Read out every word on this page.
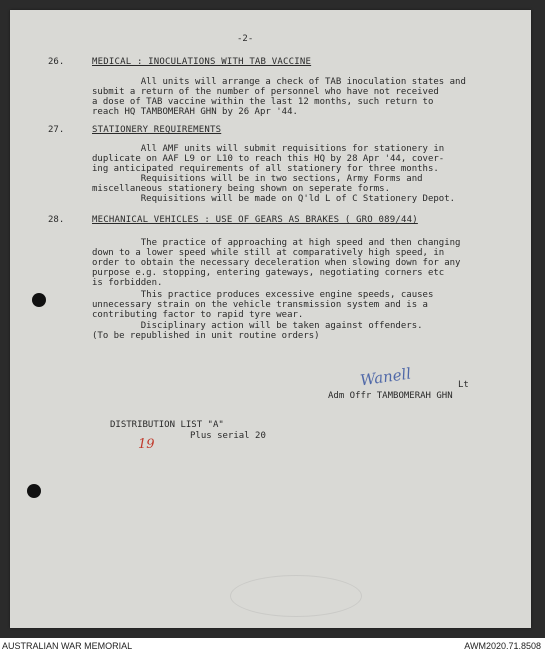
-2-
26.	MEDICAL : INOCULATIONS WITH TAB VACCINE
All units will arrange a check of TAB inoculation states and
submit a return of the number of personnel who have not received
a dose of TAB vaccine within the last 12 months, such return to
reach HQ TAMBOMERAH GHN by 26 Apr '44.
27.	STATIONERY REQUIREMENTS
All AMF units will submit requisitions for stationery in
duplicate on AAF L9 or L10 to reach this HQ by 28 Apr '44, cover-
ing anticipated requirements of all stationery for three months.
Requisitions will be in two sections, Army Forms and
miscellaneous stationery being shown on seperate forms.
Requisitions will be made on Q'ld L of C Stationery Depot.
28.	MECHANICAL VEHICLES : USE OF GEARS AS BRAKES ( GRO 089/44)
The practice of approaching at high speed and then changing
down to a lower speed while still at comparatively high speed, in
order to obtain the necessary deceleration when slowing down for any
purpose e.g. stopping, entering gateways, negotiating corners etc
is forbidden.
This practice produces excessive engine speeds, causes
unnecessary strain on the vehicle transmission system and is a
contributing factor to rapid tyre wear.
Disciplinary action will be taken against offenders.
(To be republished in unit routine orders)
Wanell	Lt
Adm Offr TAMBOMERAH GHN
DISTRIBUTION LIST "A"
Plus serial 20
19
AUSTRALIAN WAR MEMORIAL	AWM2020.71.8508
